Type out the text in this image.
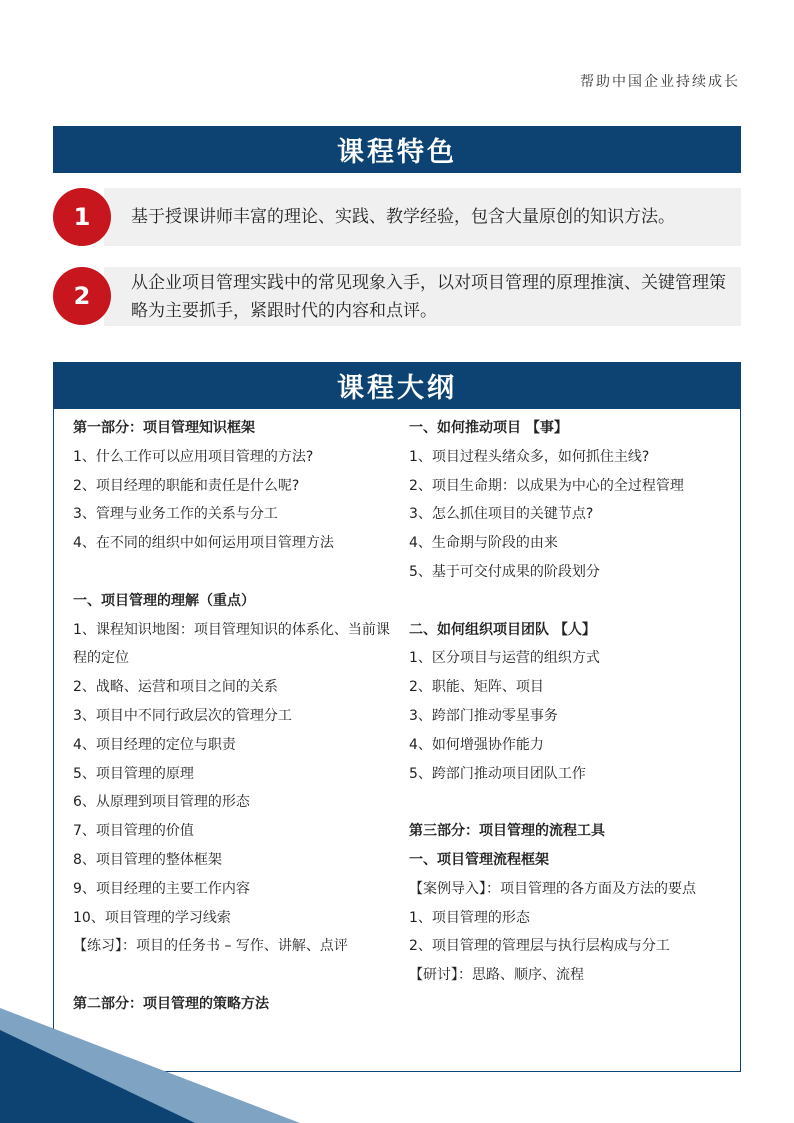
帮助中国企业持续成长
课程特色
基于授课讲师丰富的理论、实践、教学经验，包含大量原创的知识方法。
1
从企业项目管理实践中的常见现象入手，以对项目管理的原理推演、关键管理策略为主要抓手，紧跟时代的内容和点评。
2
课程大纲
第一部分：项目管理知识框架
1、什么工作可以应用项目管理的方法?
2、项目经理的职能和责任是什么呢?
3、管理与业务工作的关系与分工
4、在不同的组织中如何运用项目管理方法
一、项目管理的理解（重点）
1、课程知识地图：项目管理知识的体系化、当前课程的定位
2、战略、运营和项目之间的关系
3、项目中不同行政层次的管理分工
4、项目经理的定位与职责
5、项目管理的原理
6、从原理到项目管理的形态
7、项目管理的价值
8、项目管理的整体框架
9、项目经理的主要工作内容
10、项目管理的学习线索
【练习】：项目的任务书 – 写作、讲解、点评
第二部分：项目管理的策略方法
一、如何推动项目 【事】
1、项目过程头绪众多，如何抓住主线?
2、项目生命期：以成果为中心的全过程管理
3、怎么抓住项目的关键节点?
4、生命期与阶段的由来
5、基于可交付成果的阶段划分
二、如何组织项目团队 【人】
1、区分项目与运营的组织方式
2、职能、矩阵、项目
3、跨部门推动零星事务
4、如何增强协作能力
5、跨部门推动项目团队工作
第三部分：项目管理的流程工具
一、项目管理流程框架
【案例导入】：项目管理的各方面及方法的要点
1、项目管理的形态
2、项目管理的管理层与执行层构成与分工
【研讨】：思路、顺序、流程
